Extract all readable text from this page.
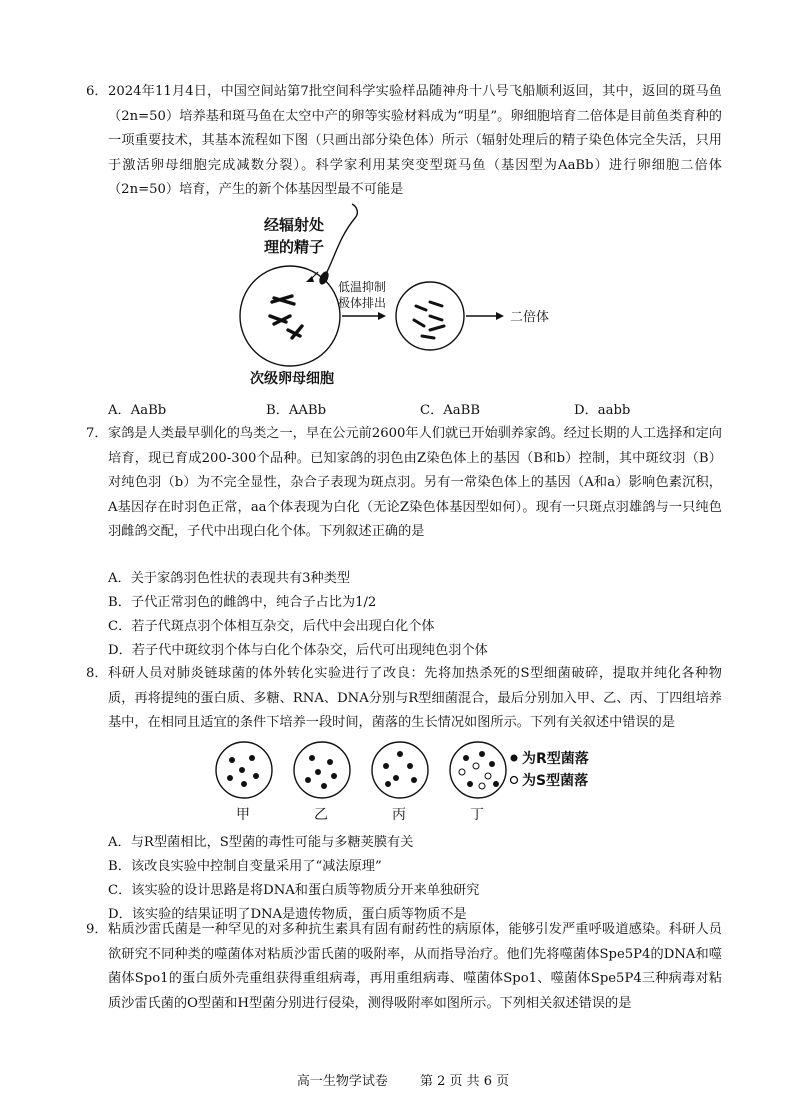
6． 2024年11月4日，中国空间站第7批空间科学实验样品随神舟十八号飞船顺利返回，其中，返回的斑马鱼（2n=50）培养基和斑马鱼在太空中产的卵等实验材料成为“明星”。卵细胞培育二倍体是目前鱼类育种的一项重要技术，其基本流程如下图（只画出部分染色体）所示（辐射处理后的精子染色体完全失活，只用于激活卵母细胞完成减数分裂）。科学家利用某突变型斑马鱼（基因型为AaBb）进行卵细胞二倍体（2n=50）培育，产生的新个体基因型最不可能是
经辐射处
理的精子
低温抑制
极体排出
二倍体
次级卵母细胞
A．AaBb	B．AABb	C．AaBB	D．aabb
7． 家鸽是人类最早驯化的鸟类之一，早在公元前2600年人们就已开始驯养家鸽。经过长期的人工选择和定向培育，现已育成200-300个品种。已知家鸽的羽色由Z染色体上的基因（B和b）控制，其中斑纹羽（B）对纯色羽（b）为不完全显性，杂合子表现为斑点羽。另有一常染色体上的基因（A和a）影响色素沉积，A基因存在时羽色正常，aa个体表现为白化（无论Z染色体基因型如何）。现有一只斑点羽雄鸽与一只纯色羽雌鸽交配，子代中出现白化个体。下列叙述正确的是
A．关于家鸽羽色性状的表现共有3种类型
B．子代正常羽色的雌鸽中，纯合子占比为1/2
C．若子代斑点羽个体相互杂交，后代中会出现白化个体
D．若子代中斑纹羽个体与白化个体杂交，后代可出现纯色羽个体
8． 科研人员对肺炎链球菌的体外转化实验进行了改良：先将加热杀死的S型细菌破碎，提取并纯化各种物质，再将提纯的蛋白质、多糖、RNA、DNA分别与R型细菌混合，最后分别加入甲、乙、丙、丁四组培养基中，在相同且适宜的条件下培养一段时间，菌落的生长情况如图所示。下列有关叙述中错误的是
为R型菌落
为S型菌落
甲	乙	丙	丁
A．与R型菌相比，S型菌的毒性可能与多糖荚膜有关
B．该改良实验中控制自变量采用了“减法原理”
C．该实验的设计思路是将DNA和蛋白质等物质分开来单独研究
D．该实验的结果证明了DNA是遗传物质，蛋白质等物质不是
9． 粘质沙雷氏菌是一种罕见的对多种抗生素具有固有耐药性的病原体，能够引发严重呼吸道感染。科研人员欲研究不同种类的噬菌体对粘质沙雷氏菌的吸附率，从而指导治疗。他们先将噬菌体Spe5P4的DNA和噬菌体Spo1的蛋白质外壳重组获得重组病毒，再用重组病毒、噬菌体Spo1、噬菌体Spe5P4三种病毒对粘质沙雷氏菌的O型菌和H型菌分别进行侵染，测得吸附率如图所示。下列相关叙述错误的是
高一生物学试卷 第 2 页 共 6 页
